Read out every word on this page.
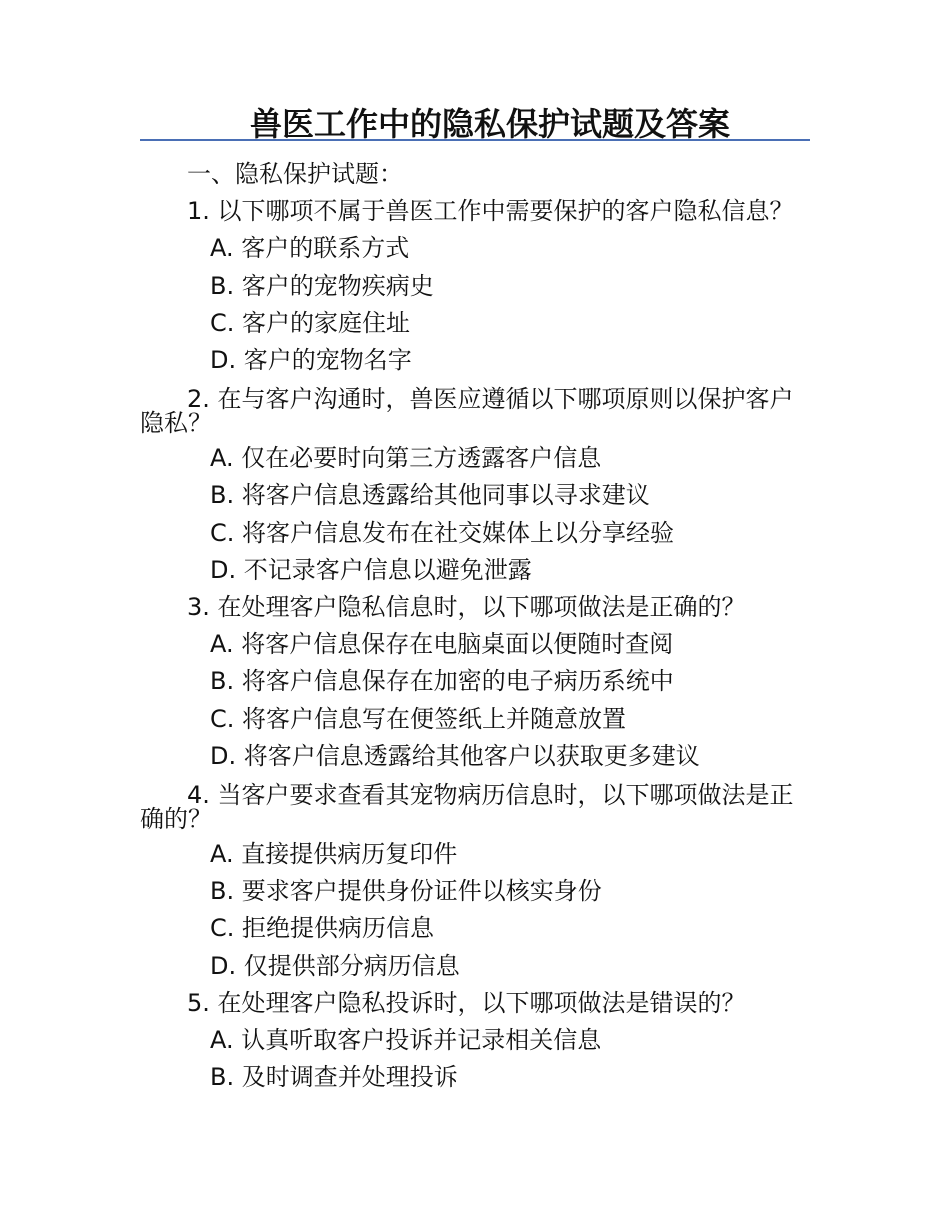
兽医工作中的隐私保护试题及答案
一、隐私保护试题：
1. 以下哪项不属于兽医工作中需要保护的客户隐私信息？
A. 客户的联系方式
B. 客户的宠物疾病史
C. 客户的家庭住址
D. 客户的宠物名字
2. 在与客户沟通时，兽医应遵循以下哪项原则以保护客户隐私？
A. 仅在必要时向第三方透露客户信息
B. 将客户信息透露给其他同事以寻求建议
C. 将客户信息发布在社交媒体上以分享经验
D. 不记录客户信息以避免泄露
3. 在处理客户隐私信息时，以下哪项做法是正确的？
A. 将客户信息保存在电脑桌面以便随时查阅
B. 将客户信息保存在加密的电子病历系统中
C. 将客户信息写在便签纸上并随意放置
D. 将客户信息透露给其他客户以获取更多建议
4. 当客户要求查看其宠物病历信息时，以下哪项做法是正确的？
A. 直接提供病历复印件
B. 要求客户提供身份证件以核实身份
C. 拒绝提供病历信息
D. 仅提供部分病历信息
5. 在处理客户隐私投诉时，以下哪项做法是错误的？
A. 认真听取客户投诉并记录相关信息
B. 及时调查并处理投诉
